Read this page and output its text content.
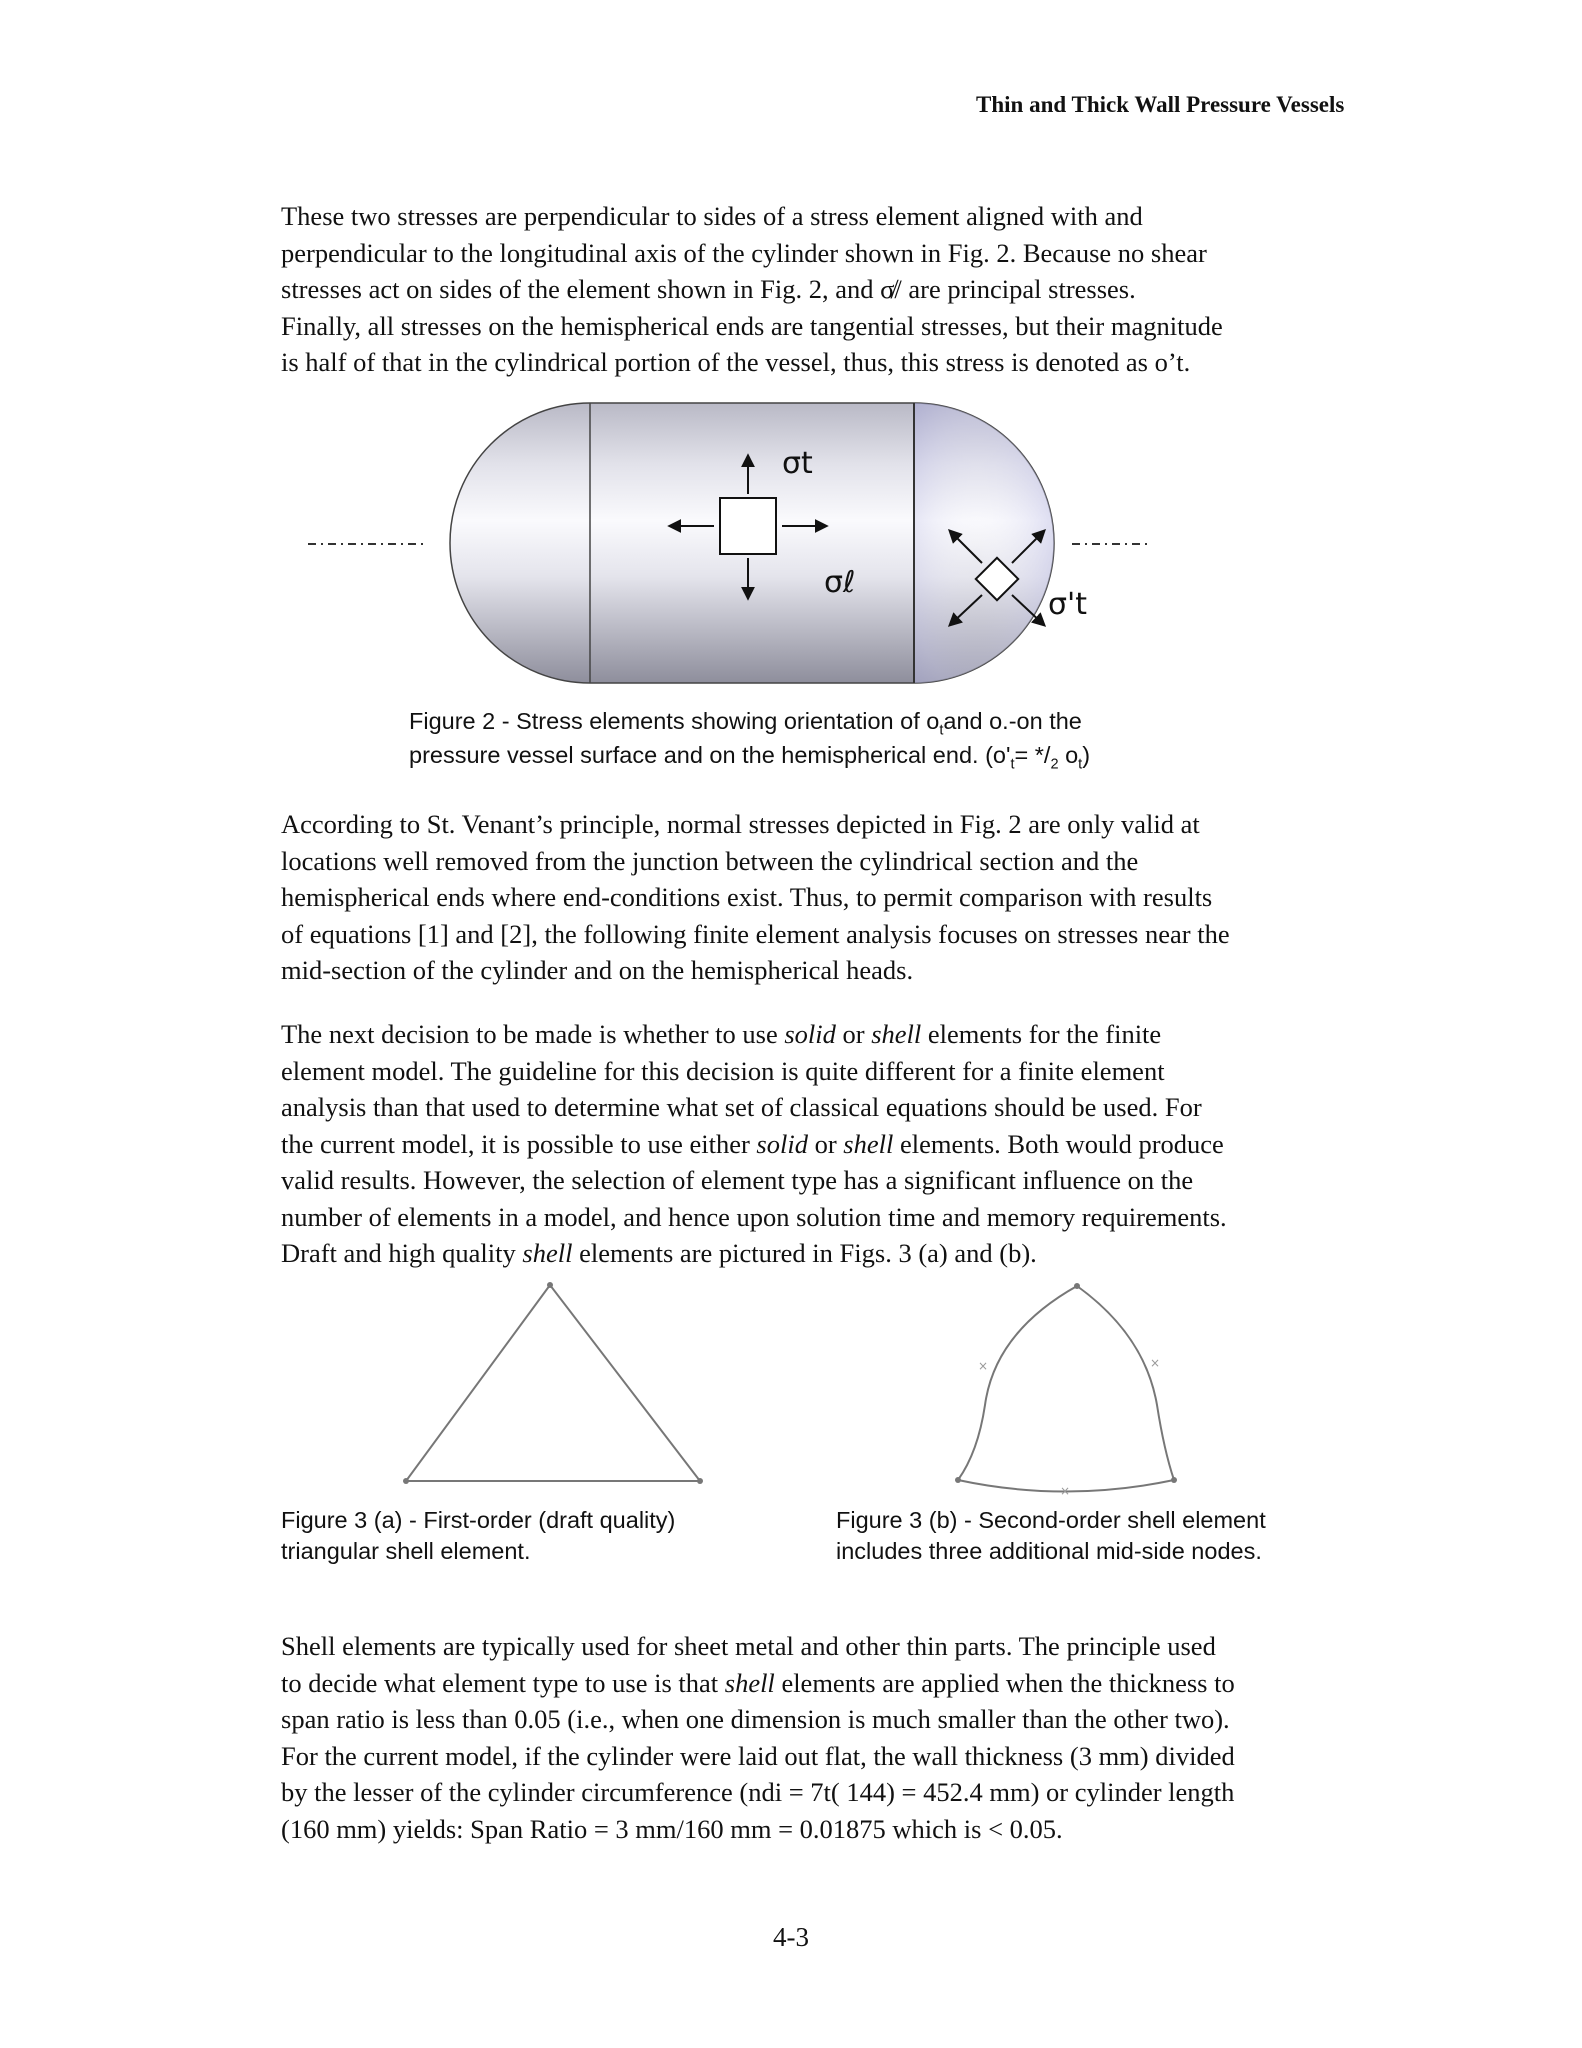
Thin and Thick Wall Pressure Vessels
These two stresses are perpendicular to sides of a stress element aligned with and
perpendicular to the longitudinal axis of the cylinder shown in Fig. 2. Because no shear
stresses act on sides of the element shown in Fig. 2, and σ̸/ are principal stresses.
Finally, all stresses on the hemispherical ends are tangential stresses, but their magnitude
is half of that in the cylindrical portion of the vessel, thus, this stress is denoted as o’t.
σt
σℓ
σ't
Figure 2 - Stress elements showing orientation of $o_tand$ o.-on the
pressure vessel surface and on the hemispherical end. ($o'_t= */_2$ $o_t$)
According to St. Venant’s principle, normal stresses depicted in Fig. 2 are only valid at
locations well removed from the junction between the cylindrical section and the
hemispherical ends where end-conditions exist. Thus, to permit comparison with results
of equations [1] and [2], the following finite element analysis focuses on stresses near the
mid-section of the cylinder and on the hemispherical heads.
The next decision to be made is whether to use solid or shell elements for the finite
element model. The guideline for this decision is quite different for a finite element
analysis than that used to determine what set of classical equations should be used. For
the current model, it is possible to use either solid or shell elements. Both would produce
valid results. However, the selection of element type has a significant influence on the
number of elements in a model, and hence upon solution time and memory requirements.
Draft and high quality shell elements are pictured in Figs. 3 (a) and (b).
×	×
×
Figure 3 (a) - First-order (draft quality)
triangular shell element.
Figure 3 (b) - Second-order shell element
includes three additional mid-side nodes.
Shell elements are typically used for sheet metal and other thin parts. The principle used
to decide what element type to use is that shell elements are applied when the thickness to
span ratio is less than 0.05 (i.e., when one dimension is much smaller than the other two).
For the current model, if the cylinder were laid out flat, the wall thickness (3 mm) divided
by the lesser of the cylinder circumference (ndi = 7t( 144) = 452.4 mm) or cylinder length
(160 mm) yields: Span Ratio = 3 mm/160 mm = 0.01875 which is < 0.05.
4-3
